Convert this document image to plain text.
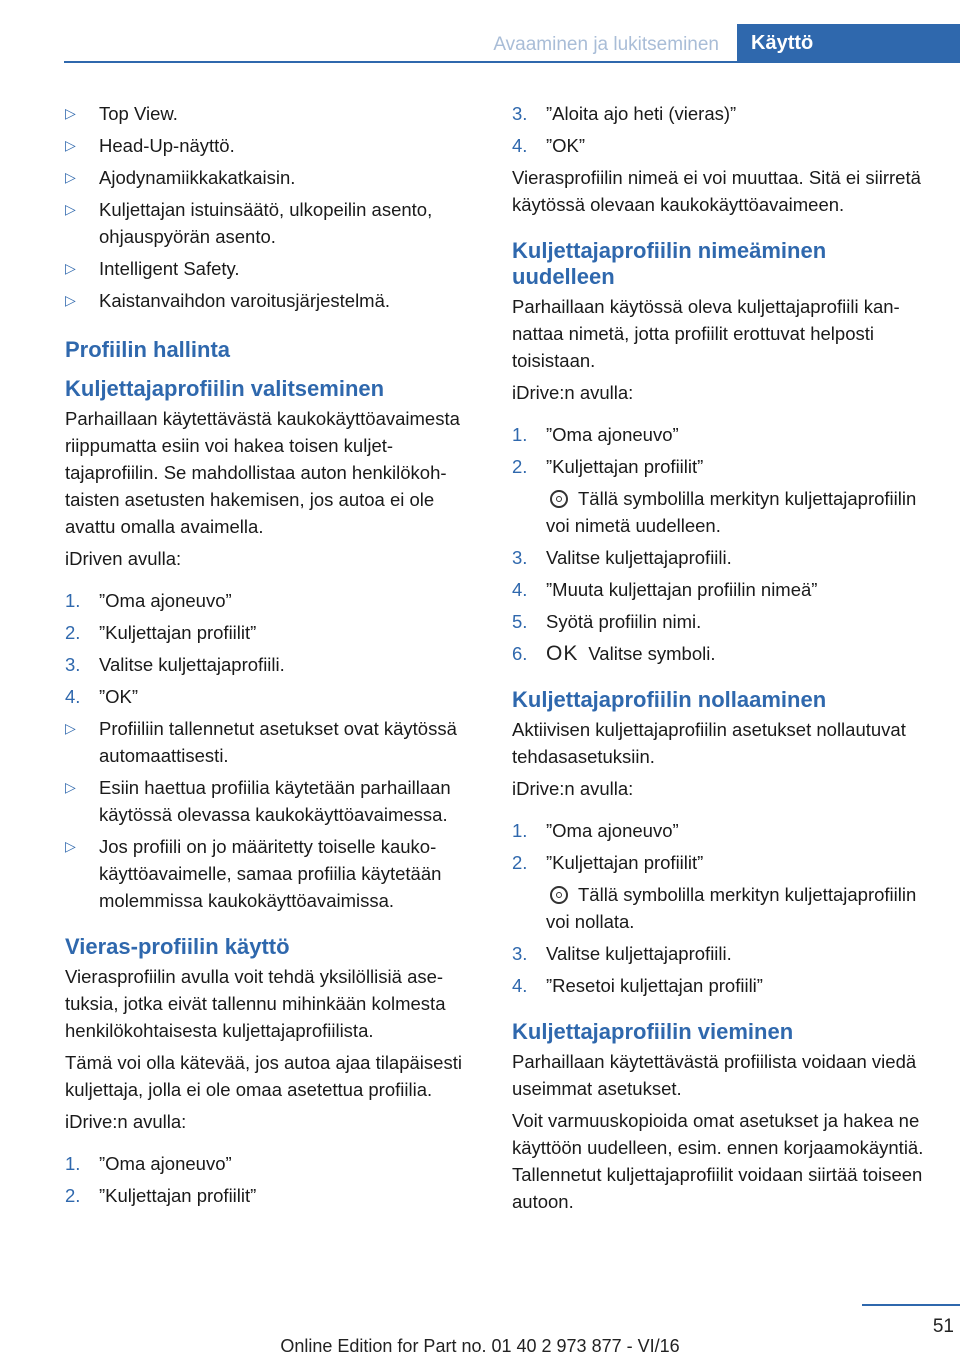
Avaaminen ja lukitseminen	Käyttö
▷ Top View.
▷ Head-Up-näyttö.
▷ Ajodynamiikkakatkaisin.
▷ Kuljettajan istuinsäätö, ulkopeilin asento, ohjauspyörän asento.
▷ Intelligent Safety.
▷ Kaistanvaihdon varoitusjärjestelmä.
Profiilin hallinta
Kuljettajaprofiilin valitseminen

Parhaillaan käytettävästä kaukokäyttöavaimesta riippumatta esiin voi hakea toisen kuljettajaprofiilin. Se mahdollistaa auton henkilökohtaisten asetusten hakemisen, jos autoa ei ole avattu omalla avaimella.

iDriven avulla:

1. ”Oma ajoneuvo”
2. ”Kuljettajan profiilit”
3. Valitse kuljettajaprofiili.
4. ”OK”
▷ Profiiliin tallennetut asetukset ovat käytössä automaattisesti.
▷ Esiin haettua profiilia käytetään parhaillaan käytössä olevassa kaukokäyttöavaimessa.
▷ Jos profiili on jo määritetty toiselle kaukokäyttöavaimelle, samaa profiilia käytetään molemmissa kaukokäyttöavaimissa.
Vieras-profiilin käyttö

Vierasprofiilin avulla voit tehdä yksilöllisiä asetuksia, jotka eivät tallennu mihinkään kolmesta henkilökohtaisesta kuljettajaprofiilista.

Tämä voi olla kätevää, jos autoa ajaa tilapäisesti kuljettaja, jolla ei ole omaa asetettua profiilia.

iDrive:n avulla:

1. ”Oma ajoneuvo”
2. ”Kuljettajan profiilit”
3. ”Aloita ajo heti (vieras)”
4. ”OK”

Vierasprofiilin nimeä ei voi muuttaa. Sitä ei siirretä käytössä olevaan kaukokäyttöavaimeen.

Kuljettajaprofiilin nimeäminen uudelleen

Parhaillaan käytössä oleva kuljettajaprofiili kannattaa nimetä, jotta profiilit erottuvat helposti toisistaan.

iDrive:n avulla:

1. ”Oma ajoneuvo”
2. ”Kuljettajan profiilit”
Tällä symbolilla merkityn kuljettajaprofiilin voi nimetä uudelleen.
3. Valitse kuljettajaprofiili.
4. ”Muuta kuljettajan profiilin nimeä”
5. Syötä profiilin nimi.
6. OK Valitse symboli.
Kuljettajaprofiilin nollaaminen

Aktiivisen kuljettajaprofiilin asetukset nollautuvat tehdasasetuksiin.

iDrive:n avulla:

1. ”Oma ajoneuvo”
2. ”Kuljettajan profiilit”
Tällä symbolilla merkityn kuljettajaprofiilin voi nollata.
3. Valitse kuljettajaprofiili.
4. ”Resetoi kuljettajan profiili”
Kuljettajaprofiilin vieminen

Parhaillaan käytettävästä profiilista voidaan viedä useimmat asetukset.

Voit varmuuskopioida omat asetukset ja hakea ne käyttöön uudelleen, esim. ennen korjaamokäyntiä. Tallennetut kuljettajaprofiilit voidaan siirtää toiseen autoon.

51
Online Edition for Part no. 01 40 2 973 877 - VI/16
